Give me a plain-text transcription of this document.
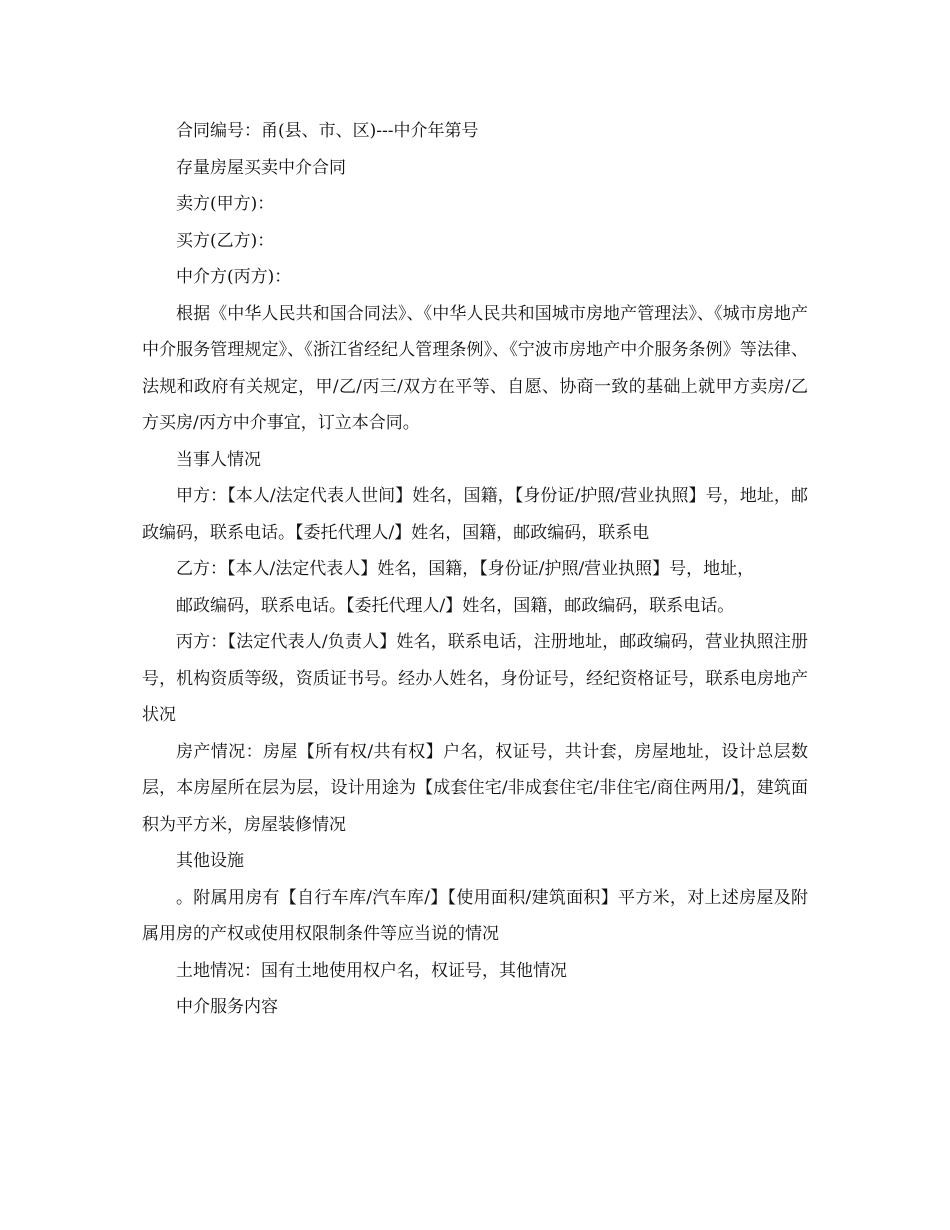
合同编号：甬(县、市、区)---中介年第号

存量房屋买卖中介合同

卖方(甲方)：

买方(乙方)：

中介方(丙方)：

根据《中华人民共和国合同法》、《中华人民共和国城市房地产管理法》、《城市房地产中介服务管理规定》、《浙江省经纪人管理条例》、《宁波市房地产中介服务条例》等法律、法规和政府有关规定，甲/乙/丙三/双方在平等、自愿、协商一致的基础上就甲方卖房/乙方买房/丙方中介事宜，订立本合同。

当事人情况

甲方：【本人/法定代表人世间】姓名，国籍，【身份证/护照/营业执照】号，地址，邮政编码，联系电话。【委托代理人/】姓名，国籍，邮政编码，联系电

乙方：【本人/法定代表人】姓名，国籍，【身份证/护照/营业执照】号，地址，

邮政编码，联系电话。【委托代理人/】姓名，国籍，邮政编码，联系电话。

丙方：【法定代表人/负责人】姓名，联系电话，注册地址，邮政编码，营业执照注册号，机构资质等级，资质证书号。经办人姓名，身份证号，经纪资格证号，联系电房地产状况

房产情况：房屋【所有权/共有权】户名，权证号，共计套，房屋地址，设计总层数层，本房屋所在层为层，设计用途为【成套住宅/非成套住宅/非住宅/商住两用/】，建筑面积为平方米，房屋装修情况

其他设施

。附属用房有【自行车库/汽车库/】【使用面积/建筑面积】平方米，对上述房屋及附属用房的产权或使用权限制条件等应当说的情况

土地情况：国有土地使用权户名，权证号，其他情况

中介服务内容
